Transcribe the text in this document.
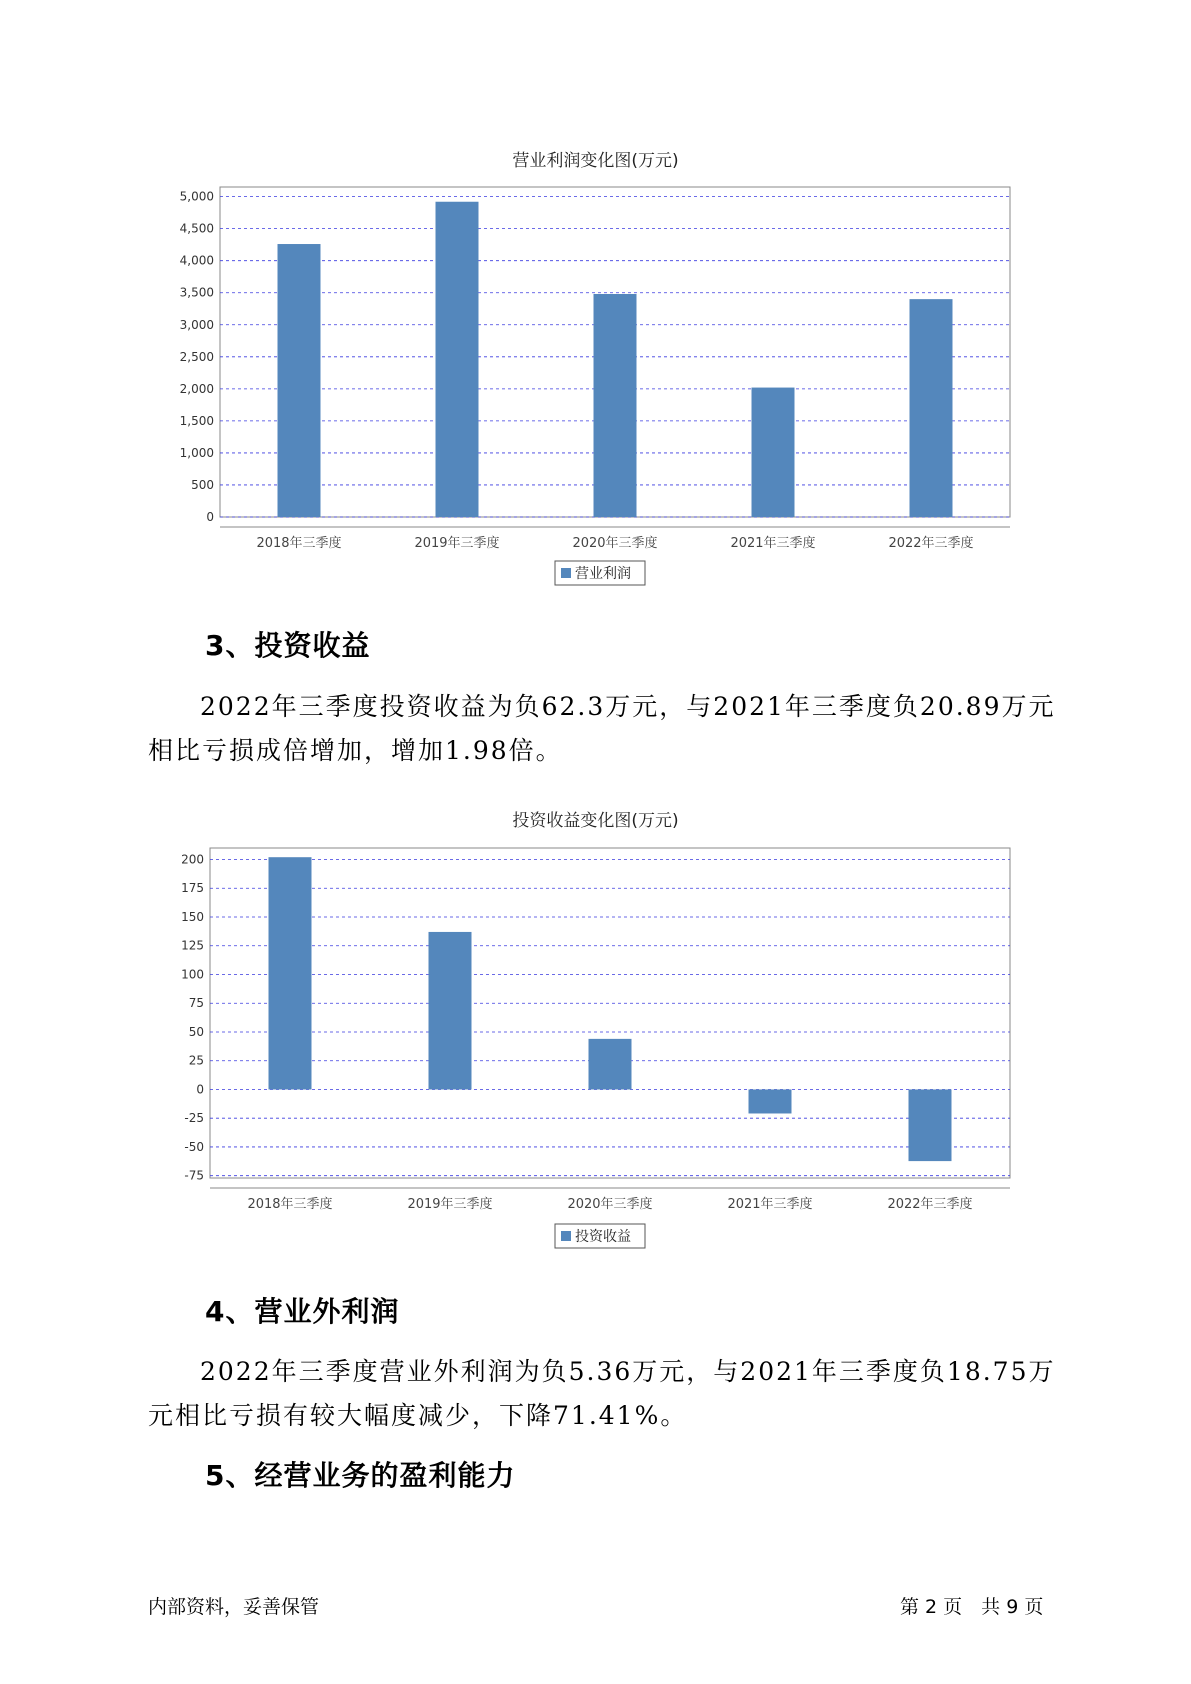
营业利润变化图(万元)
0
500
1,000
1,500
2,000
2,500
3,000
3,500
4,000
4,500
5,000
2018年三季度	2019年三季度	2020年三季度	2021年三季度	2022年三季度
营业利润
3、投资收益

2022年三季度投资收益为负62.3万元，与2021年三季度负20.89万元相比亏损成倍增加，增加1.98倍。

投资收益变化图(万元)
-75
-50
-25
0
25
50
75
100
125
150
175
200
2018年三季度	2019年三季度	2020年三季度	2021年三季度	2022年三季度
投资收益
4、营业外利润

2022年三季度营业外利润为负5.36万元，与2021年三季度负18.75万元相比亏损有较大幅度减少，下降71.41%。

5、经营业务的盈利能力
内部资料，妥善保管	第 2 页　共 9 页
